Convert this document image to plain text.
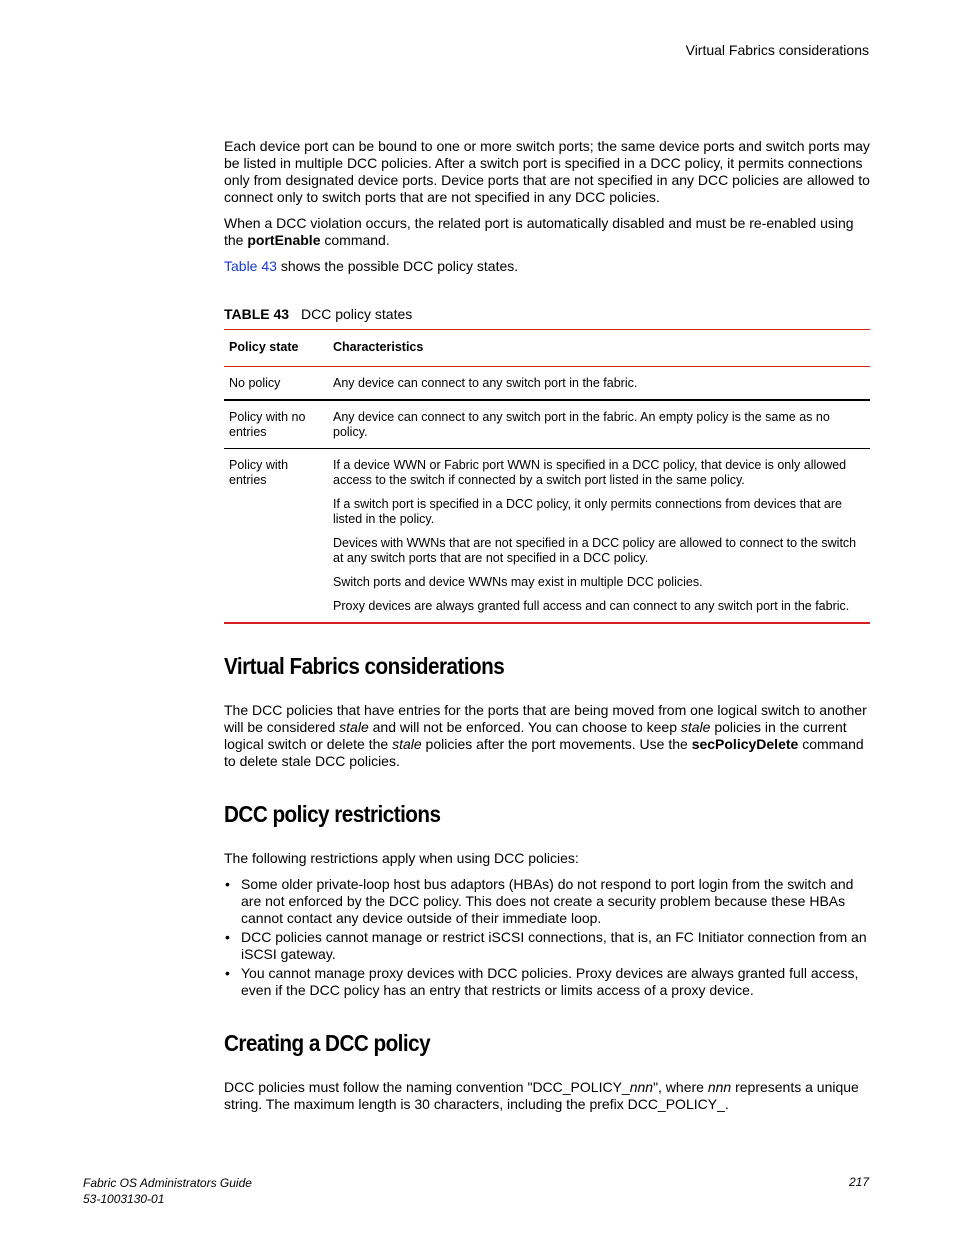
Virtual Fabrics considerations

Each device port can be bound to one or more switch ports; the same device ports and switch ports may be listed in multiple DCC policies. After a switch port is specified in a DCC policy, it permits connections only from designated device ports. Device ports that are not specified in any DCC policies are allowed to connect only to switch ports that are not specified in any DCC policies.

When a DCC violation occurs, the related port is automatically disabled and must be re-enabled using the portEnable command.

Table 43 shows the possible DCC policy states.

TABLE 43 DCC policy states
Policy state	Characteristics
No policy	Any device can connect to any switch port in the fabric.

Policy with no entries	Any device can connect to any switch port in the fabric. An empty policy is the same as no policy.

Policy with entries	If a device WWN or Fabric port WWN is specified in a DCC policy, that device is only allowed access to the switch if connected by a switch port listed in the same policy.

If a switch port is specified in a DCC policy, it only permits connections from devices that are listed in the policy.

Devices with WWNs that are not specified in a DCC policy are allowed to connect to the switch at any switch ports that are not specified in a DCC policy.

Switch ports and device WWNs may exist in multiple DCC policies.

Proxy devices are always granted full access and can connect to any switch port in the fabric.

Virtual Fabrics considerations

The DCC policies that have entries for the ports that are being moved from one logical switch to another will be considered stale and will not be enforced. You can choose to keep stale policies in the current logical switch or delete the stale policies after the port movements. Use the secPolicyDelete command to delete stale DCC policies.

DCC policy restrictions

The following restrictions apply when using DCC policies:

• Some older private-loop host bus adaptors (HBAs) do not respond to port login from the switch and are not enforced by the DCC policy. This does not create a security problem because these HBAs cannot contact any device outside of their immediate loop.
• DCC policies cannot manage or restrict iSCSI connections, that is, an FC Initiator connection from an iSCSI gateway.
• You cannot manage proxy devices with DCC policies. Proxy devices are always granted full access, even if the DCC policy has an entry that restricts or limits access of a proxy device.
Creating a DCC policy

DCC policies must follow the naming convention "DCC_POLICY_nnn", where nnn represents a unique string. The maximum length is 30 characters, including the prefix DCC_POLICY_.

Fabric OS Administrators Guide
53-1003130-01
217
